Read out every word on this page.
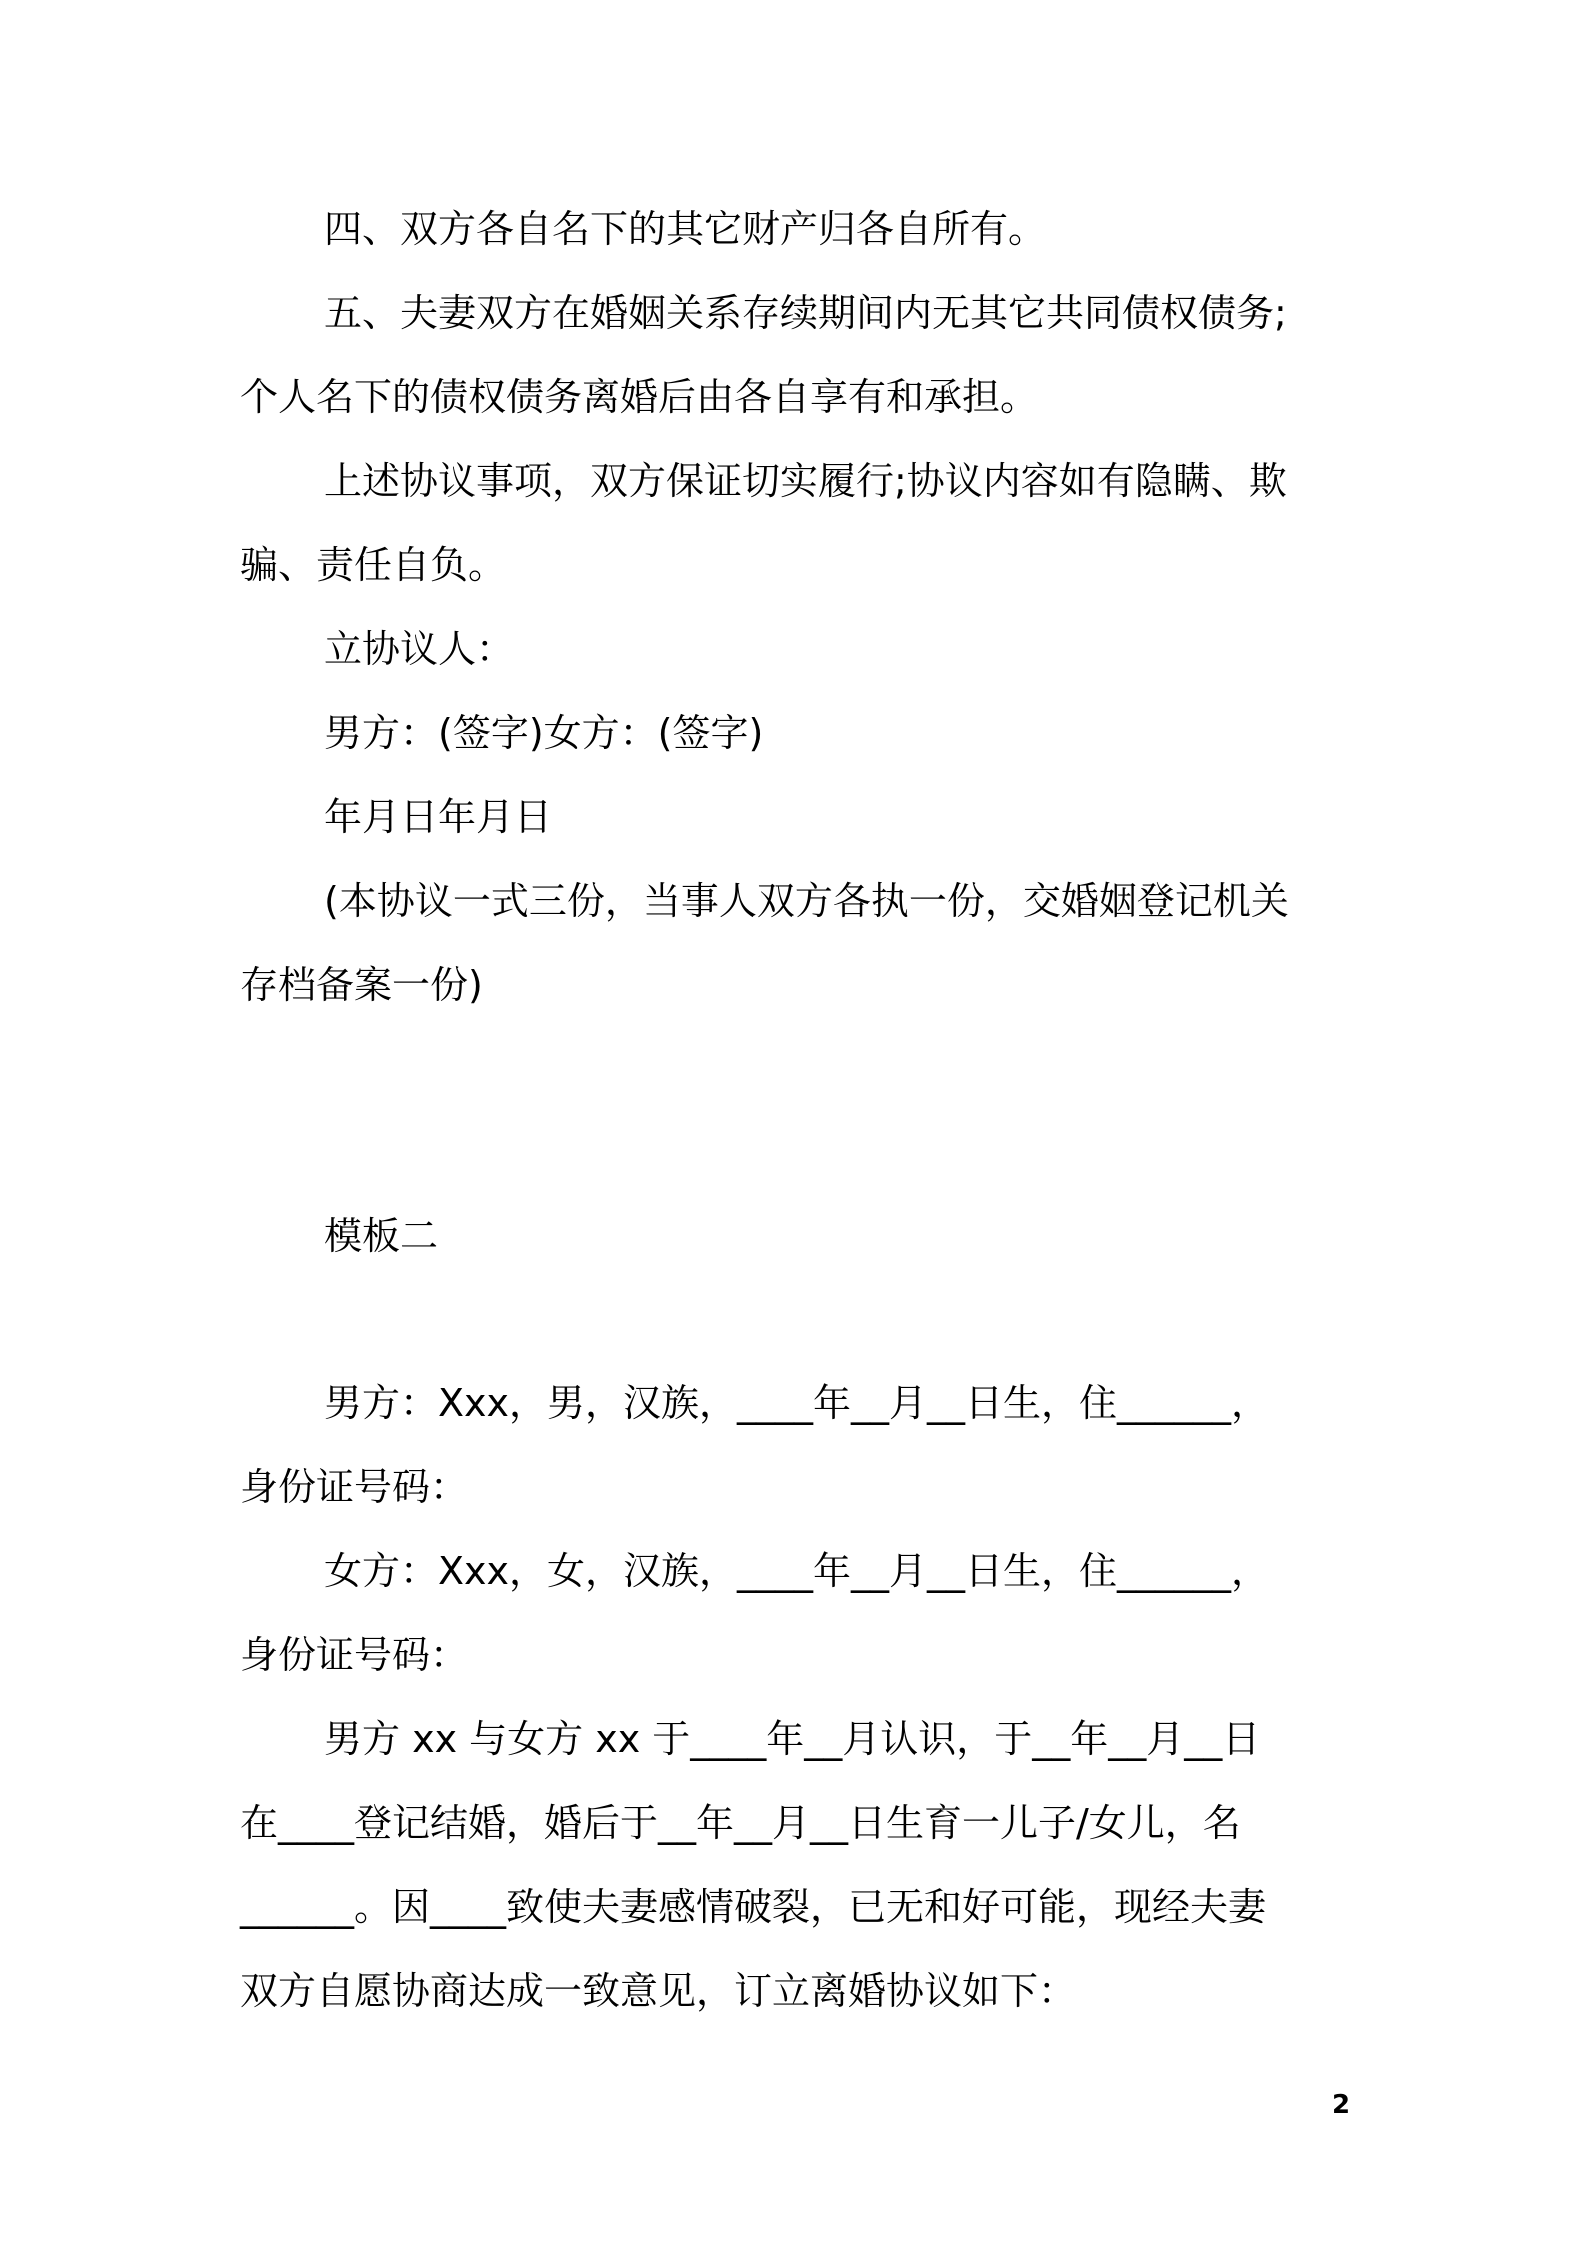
四、双方各自名下的其它财产归各自所有。
五、夫妻双方在婚姻关系存续期间内无其它共同债权债务;
个人名下的债权债务离婚后由各自享有和承担。
上述协议事项，双方保证切实履行;协议内容如有隐瞒、欺
骗、责任自负。
立协议人：
男方：(签字)女方：(签字)
年月日年月日
(本协议一式三份，当事人双方各执一份，交婚姻登记机关
存档备案一份)
模板二
男方：Xxx，男，汉族，____年__月__日生，住______，
身份证号码：
女方：Xxx，女，汉族，____年__月__日生，住______，
身份证号码：
男方 xx 与女方 xx 于____年__月认识，于__年__月__日
在____登记结婚，婚后于__年__月__日生育一儿子/女儿，名
______。因____致使夫妻感情破裂，已无和好可能，现经夫妻
双方自愿协商达成一致意见，订立离婚协议如下：
2
